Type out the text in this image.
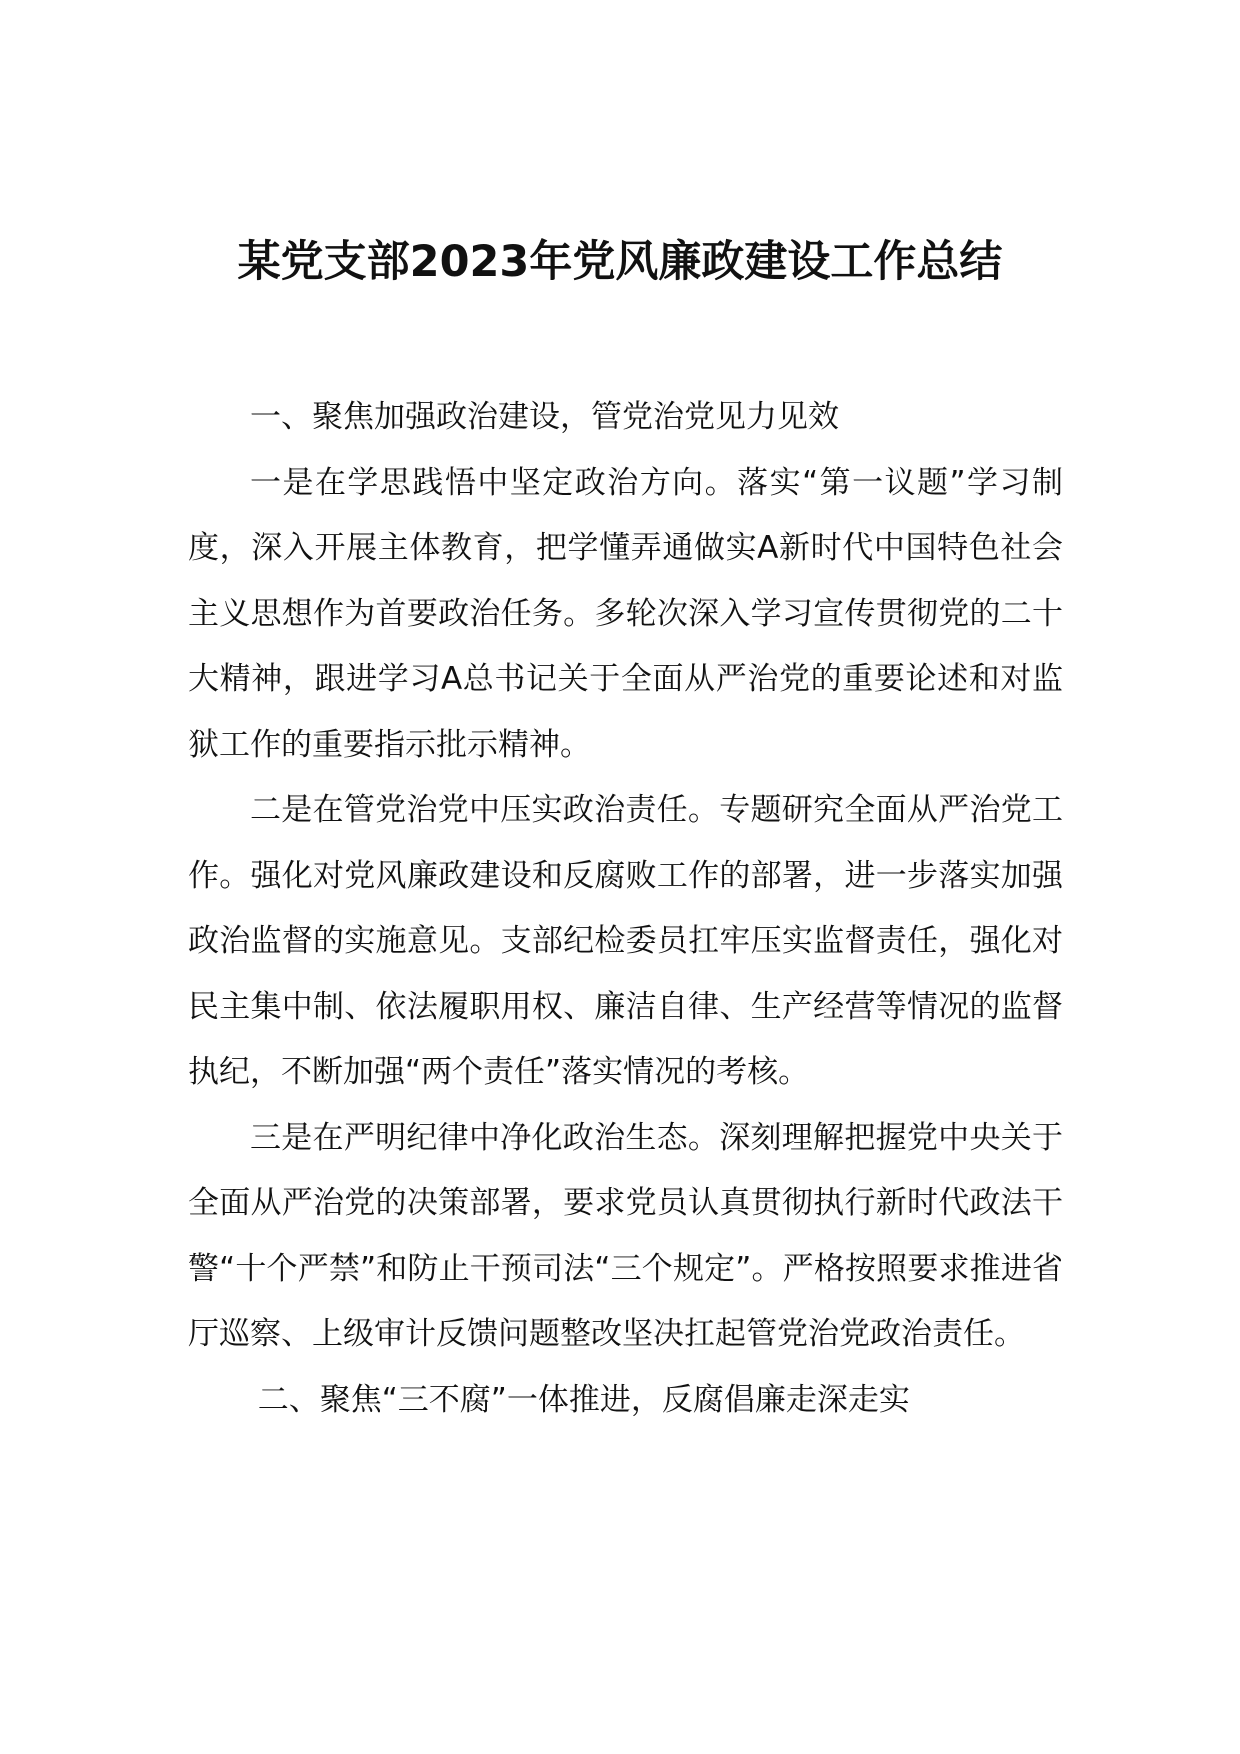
某党支部2023年党风廉政建设工作总结

一、聚焦加强政治建设，管党治党见力见效

一是在学思践悟中坚定政治方向。落实“第一议题”学习制度，深入开展主体教育，把学懂弄通做实A新时代中国特色社会主义思想作为首要政治任务。多轮次深入学习宣传贯彻党的二十大精神，跟进学习A总书记关于全面从严治党的重要论述和对监狱工作的重要指示批示精神。

二是在管党治党中压实政治责任。专题研究全面从严治党工作。强化对党风廉政建设和反腐败工作的部署，进一步落实加强政治监督的实施意见。支部纪检委员扛牢压实监督责任，强化对民主集中制、依法履职用权、廉洁自律、生产经营等情况的监督执纪，不断加强“两个责任”落实情况的考核。

三是在严明纪律中净化政治生态。深刻理解把握党中央关于全面从严治党的决策部署，要求党员认真贯彻执行新时代政法干警“十个严禁”和防止干预司法“三个规定”。严格按照要求推进省厅巡察、上级审计反馈问题整改坚决扛起管党治党政治责任。

二、聚焦“三不腐”一体推进，反腐倡廉走深走实
